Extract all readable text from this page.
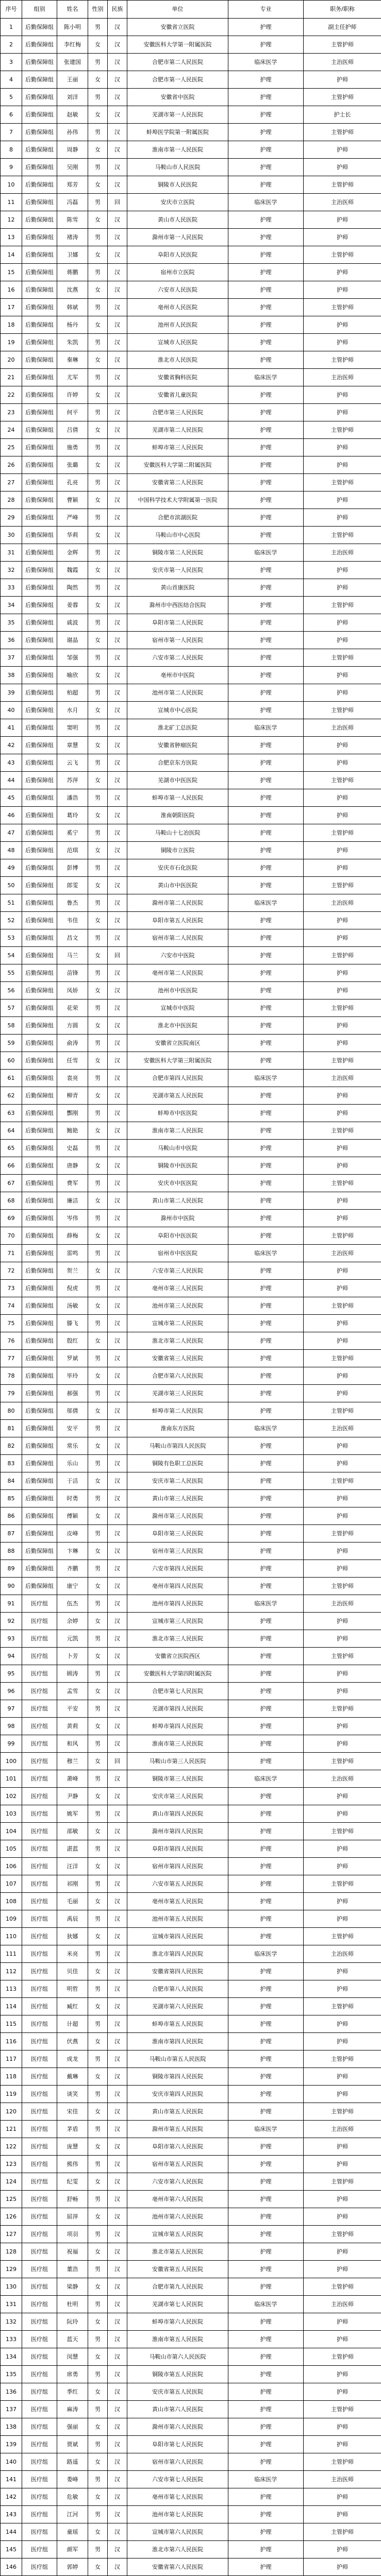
序号	组别	姓名	性别	民族	单位	专业	职务/职称
1	后勤保障组	陈小明	男	汉	安徽省立医院	护理	副主任护师
2	后勤保障组	李红梅	女	汉	安徽医科大学第一附属医院	护理	主管护师
3	后勤保障组	张建国	男	汉	合肥市第二人民医院	临床医学	主治医师
4	后勤保障组	王丽	女	汉	合肥市第一人民医院	护理	护师
5	后勤保障组	刘洋	男	汉	安徽省中医院	护理	主管护师
6	后勤保障组	赵敏	女	汉	芜湖市第一人民医院	护理	护士长
7	后勤保障组	孙伟	男	汉	蚌埠医学院第一附属医院	护理	主管护师
8	后勤保障组	周静	女	汉	淮南市第一人民医院	护理	护师
9	后勤保障组	吴刚	男	汉	马鞍山市人民医院	护理	护师
10	后勤保障组	郑芳	女	汉	铜陵市人民医院	护理	主管护师
11	后勤保障组	冯磊	男	回	安庆市立医院	临床医学	主治医师
12	后勤保障组	陈雪	女	汉	黄山市人民医院	护理	护师
13	后勤保障组	褚涛	男	汉	滁州市第一人民医院	护理	护师
14	后勤保障组	卫娜	女	汉	阜阳市人民医院	护理	主管护师
15	后勤保障组	蒋鹏	男	汉	宿州市立医院	护理	护师
16	后勤保障组	沈燕	女	汉	六安市人民医院	护理	护师
17	后勤保障组	韩斌	男	汉	亳州市人民医院	护理	主管护师
18	后勤保障组	杨丹	女	汉	池州市人民医院	护理	护师
19	后勤保障组	朱凯	男	汉	宣城市人民医院	护理	护师
20	后勤保障组	秦琳	女	汉	淮北市人民医院	护理	主管护师
21	后勤保障组	尤军	男	汉	安徽省胸科医院	临床医学	主治医师
22	后勤保障组	许婷	女	汉	安徽省儿童医院	护理	护师
23	后勤保障组	何平	男	汉	合肥市第三人民医院	护理	护师
24	后勤保障组	吕倩	女	汉	芜湖市第二人民医院	护理	主管护师
25	后勤保障组	施勇	男	汉	蚌埠市第三人民医院	护理	护师
26	后勤保障组	张璐	女	汉	安徽医科大学第二附属医院	护理	护师
27	后勤保障组	孔亮	男	汉	安徽省第二人民医院	护理	主管护师
28	后勤保障组	曹颖	女	汉	中国科学技术大学附属第一医院	护理	护师
29	后勤保障组	严峰	男	汉	合肥市滨湖医院	护理	护师
30	后勤保障组	华莉	女	汉	马鞍山市中心医院	护理	主管护师
31	后勤保障组	金辉	男	汉	铜陵市第二人民医院	临床医学	主治医师
32	后勤保障组	魏霞	女	汉	安庆市第一人民医院	护理	护师
33	后勤保障组	陶然	男	汉	黄山首康医院	护理	护师
34	后勤保障组	姜蓉	女	汉	滁州市中西医结合医院	护理	主管护师
35	后勤保障组	戚波	男	汉	阜阳市第二人民医院	护理	护师
36	后勤保障组	谢晶	女	汉	宿州市第一人民医院	护理	护师
37	后勤保障组	邹强	男	汉	六安市第二人民医院	护理	主管护师
38	后勤保障组	喻欣	女	汉	亳州市中医院	护理	护师
39	后勤保障组	柏超	男	汉	池州市第二人民医院	护理	护师
40	后勤保障组	水月	女	汉	宣城市中心医院	护理	主管护师
41	后勤保障组	窦明	男	汉	淮北矿工总医院	临床医学	主治医师
42	后勤保障组	章慧	女	汉	安徽省肿瘤医院	护理	护师
43	后勤保障组	云飞	男	汉	合肥京东方医院	护理	护师
44	后勤保障组	苏萍	女	汉	芜湖市中医医院	护理	主管护师
45	后勤保障组	潘浩	男	汉	蚌埠市第一人民医院	护理	护师
46	后勤保障组	葛玲	女	汉	淮南朝阳医院	护理	护师
47	后勤保障组	奚宁	男	汉	马鞍山十七冶医院	护理	主管护师
48	后勤保障组	范琪	女	汉	铜陵市立医院	护理	护师
49	后勤保障组	彭博	男	汉	安庆市石化医院	护理	护师
50	后勤保障组	郎雯	女	汉	黄山市中医医院	护理	主管护师
51	后勤保障组	鲁杰	男	汉	滁州市第二人民医院	临床医学	主治医师
52	后勤保障组	韦佳	女	汉	阜阳市第五人民医院	护理	护师
53	后勤保障组	昌文	男	汉	宿州市第二人民医院	护理	护师
54	后勤保障组	马兰	女	回	六安市中医院	护理	主管护师
55	后勤保障组	苗锋	男	汉	亳州市第二人民医院	护理	护师
56	后勤保障组	凤娇	女	汉	池州市中医医院	护理	护师
57	后勤保障组	花荣	男	汉	宣城市中医院	护理	主管护师
58	后勤保障组	方圆	女	汉	淮北市中医医院	护理	护师
59	后勤保障组	俞涛	男	汉	安徽省立医院南区	护理	护师
60	后勤保障组	任雪	女	汉	安徽医科大学第三附属医院	护理	主管护师
61	后勤保障组	袁亮	男	汉	合肥市第四人民医院	临床医学	主治医师
62	后勤保障组	柳青	女	汉	芜湖市第五人民医院	护理	护师
63	后勤保障组	酆刚	男	汉	蚌埠市中医医院	护理	护师
64	后勤保障组	鲍艳	女	汉	淮南市第二人民医院	护理	主管护师
65	后勤保障组	史磊	男	汉	马鞍山市中医院	护理	护师
66	后勤保障组	唐静	女	汉	铜陵市中医医院	护理	护师
67	后勤保障组	费军	男	汉	安庆市中医医院	护理	主管护师
68	后勤保障组	廉洁	女	汉	黄山市第二人民医院	护理	护师
69	后勤保障组	岑伟	男	汉	滁州市中医院	护理	护师
70	后勤保障组	薛梅	女	汉	阜阳市中医医院	护理	主管护师
71	后勤保障组	雷鸣	男	汉	宿州市中医医院	临床医学	主治医师
72	后勤保障组	贺兰	女	汉	六安市第三人民医院	护理	护师
73	后勤保障组	倪虎	男	汉	亳州市第三人民医院	护理	护师
74	后勤保障组	汤敏	女	汉	池州市第三人民医院	护理	主管护师
75	后勤保障组	滕飞	男	汉	宣城市第二人民医院	护理	护师
76	后勤保障组	殷红	女	汉	淮北市第二人民医院	护理	护师
77	后勤保障组	罗斌	男	汉	安徽省第三人民医院	护理	主管护师
78	后勤保障组	毕玲	女	汉	合肥市第六人民医院	护理	护师
79	后勤保障组	郝强	男	汉	芜湖市第三人民医院	护理	护师
80	后勤保障组	邬倩	女	汉	蚌埠市第二人民医院	护理	主管护师
81	后勤保障组	安平	男	汉	淮南东方医院	临床医学	主治医师
82	后勤保障组	常乐	女	汉	马鞍山市第四人民医院	护理	护师
83	后勤保障组	乐山	男	汉	铜陵有色职工总医院	护理	护师
84	后勤保障组	于洁	女	汉	安庆市第二人民医院	护理	主管护师
85	后勤保障组	时勇	男	汉	黄山市第三人民医院	护理	护师
86	后勤保障组	傅颖	女	汉	滁州市第三人民医院	护理	护师
87	后勤保障组	皮峰	男	汉	阜阳市第三人民医院	护理	主管护师
88	后勤保障组	卞琳	女	汉	宿州市第三人民医院	护理	护师
89	后勤保障组	齐鹏	男	汉	六安市第四人民医院	护理	护师
90	后勤保障组	康宁	女	汉	亳州市第四人民医院	护理	主管护师
91	医疗组	伍杰	男	汉	池州市第四人民医院	临床医学	主治医师
92	医疗组	余婷	女	汉	宣城市第三人民医院	护理	护师
93	医疗组	元凯	男	汉	淮北市第三人民医院	护理	护师
94	医疗组	卜芳	女	汉	安徽省立医院西区	护理	主管护师
95	医疗组	顾涛	男	汉	安徽医科大学第四附属医院	护理	护师
96	医疗组	孟雪	女	汉	合肥市第七人民医院	护理	护师
97	医疗组	平安	男	汉	芜湖市第四人民医院	护理	主管护师
98	医疗组	黄莉	女	汉	蚌埠市第四人民医院	护理	护师
99	医疗组	和风	男	汉	淮南市第三人民医院	护理	护师
100	医疗组	穆兰	女	回	马鞍山市第三人民医院	护理	主管护师
101	医疗组	萧峰	男	汉	铜陵市第三人民医院	临床医学	主治医师
102	医疗组	尹静	女	汉	安庆市第三人民医院	护理	护师
103	医疗组	姚军	男	汉	黄山市第四人民医院	护理	护师
104	医疗组	邵敏	女	汉	滁州市第四人民医院	护理	主管护师
105	医疗组	湛蓝	男	汉	阜阳市第四人民医院	护理	护师
106	医疗组	汪洋	女	汉	宿州市第四人民医院	护理	护师
107	医疗组	祁刚	男	汉	六安市第五人民医院	护理	主管护师
108	医疗组	毛丽	女	汉	亳州市第五人民医院	护理	护师
109	医疗组	禹辰	男	汉	池州市第五人民医院	护理	护师
110	医疗组	狄娜	女	汉	宣城市第四人民医院	护理	主管护师
111	医疗组	米亮	男	汉	淮北市第四人民医院	临床医学	主治医师
112	医疗组	贝佳	女	汉	安徽省第四人民医院	护理	护师
113	医疗组	明哲	男	汉	合肥市第八人民医院	护理	护师
114	医疗组	臧红	女	汉	芜湖市第六人民医院	护理	主管护师
115	医疗组	计超	男	汉	蚌埠市第五人民医院	护理	护师
116	医疗组	伏燕	女	汉	淮南市第四人民医院	护理	护师
117	医疗组	成龙	男	汉	马鞍山市第五人民医院	护理	主管护师
118	医疗组	戴琳	女	汉	铜陵市第四人民医院	护理	护师
119	医疗组	谈笑	男	汉	安庆市第四人民医院	护理	护师
120	医疗组	宋佳	女	汉	黄山市第五人民医院	护理	主管护师
121	医疗组	茅盾	男	汉	滁州市第五人民医院	临床医学	主治医师
122	医疗组	庞慧	女	汉	阜阳市第六人民医院	护理	护师
123	医疗组	熊伟	男	汉	宿州市第五人民医院	护理	护师
124	医疗组	纪雯	女	汉	六安市第六人民医院	护理	主管护师
125	医疗组	舒畅	男	汉	亳州市第六人民医院	护理	护师
126	医疗组	屈萍	女	汉	池州市第六人民医院	护理	护师
127	医疗组	项羽	男	汉	宣城市第五人民医院	护理	主管护师
128	医疗组	祝福	女	汉	淮北市第五人民医院	护理	护师
129	医疗组	董浩	男	汉	安徽省第五人民医院	护理	护师
130	医疗组	梁静	女	汉	合肥市第九人民医院	护理	主管护师
131	医疗组	杜明	男	汉	芜湖市第七人民医院	临床医学	主治医师
132	医疗组	阮玲	女	汉	蚌埠市第六人民医院	护理	护师
133	医疗组	蓝天	男	汉	淮南市第五人民医院	护理	护师
134	医疗组	闵慧	女	汉	马鞍山市第六人民医院	护理	主管护师
135	医疗组	席勇	男	汉	铜陵市第五人民医院	护理	护师
136	医疗组	季红	女	汉	安庆市第五人民医院	护理	护师
137	医疗组	麻涛	男	汉	黄山市第六人民医院	护理	主管护师
138	医疗组	强丽	女	汉	滁州市第六人民医院	护理	护师
139	医疗组	贾斌	男	汉	阜阳市第七人民医院	护理	护师
140	医疗组	路遥	女	汉	宿州市第六人民医院	护理	主管护师
141	医疗组	娄峰	男	汉	六安市第七人民医院	临床医学	主治医师
142	医疗组	危敏	女	汉	亳州市第七人民医院	护理	护师
143	医疗组	江河	男	汉	池州市第七人民医院	护理	护师
144	医疗组	童瑶	女	汉	宣城市第六人民医院	护理	主管护师
145	医疗组	颜军	男	汉	淮北市第六人民医院	护理	护师
146	医疗组	郭婷	女	汉	安徽省第六人民医院	护理	护师
